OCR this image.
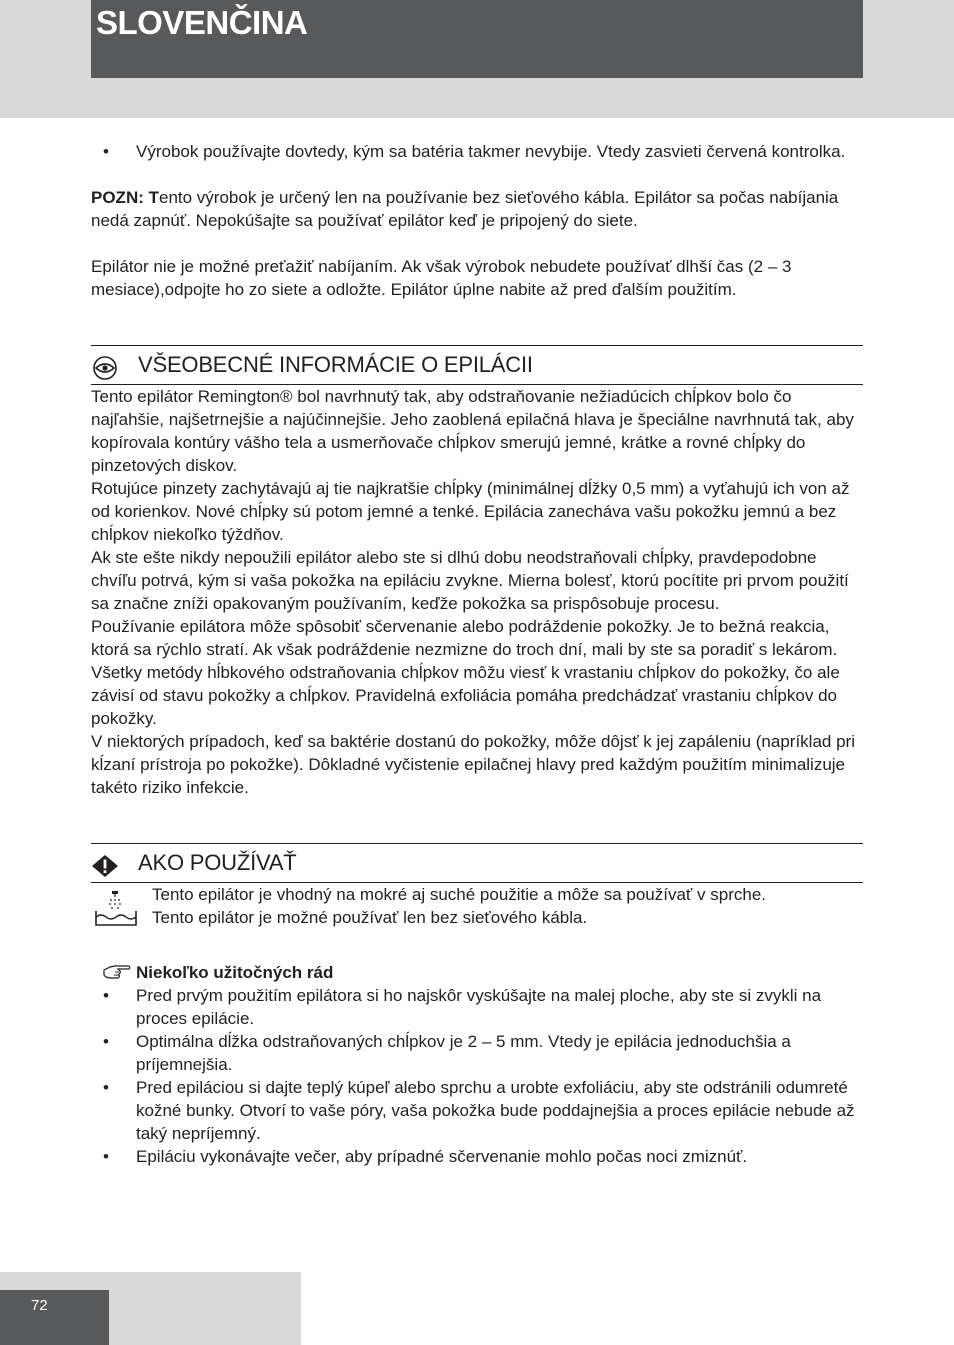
SLOVENČINA
• Výrobok používajte dovtedy, kým sa batéria takmer nevybije. Vtedy zasvieti červená kontrolka.

POZN: Tento výrobok je určený len na používanie bez sieťového kábla. Epilátor sa počas nabíjania nedá zapnúť. Nepokúšajte sa používať epilátor keď je pripojený do siete.

Epilátor nie je možné preťažiť nabíjaním. Ak však výrobok nebudete používať dlhší čas (2 – 3 mesiace),odpojte ho zo siete a odložte. Epilátor úplne nabite až pred ďalším použitím.

VŠEOBECNÉ INFORMÁCIE O EPILÁCII

Tento epilátor Remington® bol navrhnutý tak, aby odstraňovanie nežiadúcich chĺpkov bolo čo najľahšie, najšetrnejšie a najúčinnejšie. Jeho zaoblená epilačná hlava je špeciálne navrhnutá tak, aby kopírovala kontúry vášho tela a usmerňovače chĺpkov smerujú jemné, krátke a rovné chĺpky do pinzetových diskov.

Rotujúce pinzety zachytávajú aj tie najkratšie chĺpky (minimálnej dĺžky 0,5 mm) a vyťahujú ich von až od korienkov. Nové chĺpky sú potom jemné a tenké. Epilácia zanecháva vašu pokožku jemnú a bez chĺpkov niekoľko týždňov.

Ak ste ešte nikdy nepoužili epilátor alebo ste si dlhú dobu neodstraňovali chĺpky, pravdepodobne chvíľu potrvá, kým si vaša pokožka na epiláciu zvykne. Mierna bolesť, ktorú pocítite pri prvom použití sa značne zníži opakovaným používaním, keďže pokožka sa prispôsobuje procesu.

Používanie epilátora môže spôsobiť sčervenanie alebo podráždenie pokožky. Je to bežná reakcia, ktorá sa rýchlo stratí. Ak však podráždenie nezmizne do troch dní, mali by ste sa poradiť s lekárom.

Všetky metódy hĺbkového odstraňovania chĺpkov môžu viesť k vrastaniu chĺpkov do pokožky, čo ale závisí od stavu pokožky a chĺpkov. Pravidelná exfoliácia pomáha predchádzať vrastaniu chĺpkov do pokožky.

V niektorých prípadoch, keď sa baktérie dostanú do pokožky, môže dôjsť k jej zapáleniu (napríklad pri kĺzaní prístroja po pokožke). Dôkladné vyčistenie epilačnej hlavy pred každým použitím minimalizuje takéto riziko infekcie.

AKO POUŽÍVAŤ

Tento epilátor je vhodný na mokré aj suché použitie a môže sa používať v sprche.

Tento epilátor je možné používať len bez sieťového kábla.

Niekoľko užitočných rád
• Pred prvým použitím epilátora si ho najskôr vyskúšajte na malej ploche, aby ste si zvykli na proces epilácie.

• Optimálna dĺžka odstraňovaných chĺpkov je 2 – 5 mm. Vtedy je epilácia jednoduchšia a príjemnejšia.

• Pred epiláciou si dajte teplý kúpeľ alebo sprchu a urobte exfoliáciu, aby ste odstránili odumreté kožné bunky. Otvorí to vaše póry, vaša pokožka bude poddajnejšia a proces epilácie nebude až taký nepríjemný.

• Epiláciu vykonávajte večer, aby prípadné sčervenanie mohlo počas noci zmiznúť.

72
